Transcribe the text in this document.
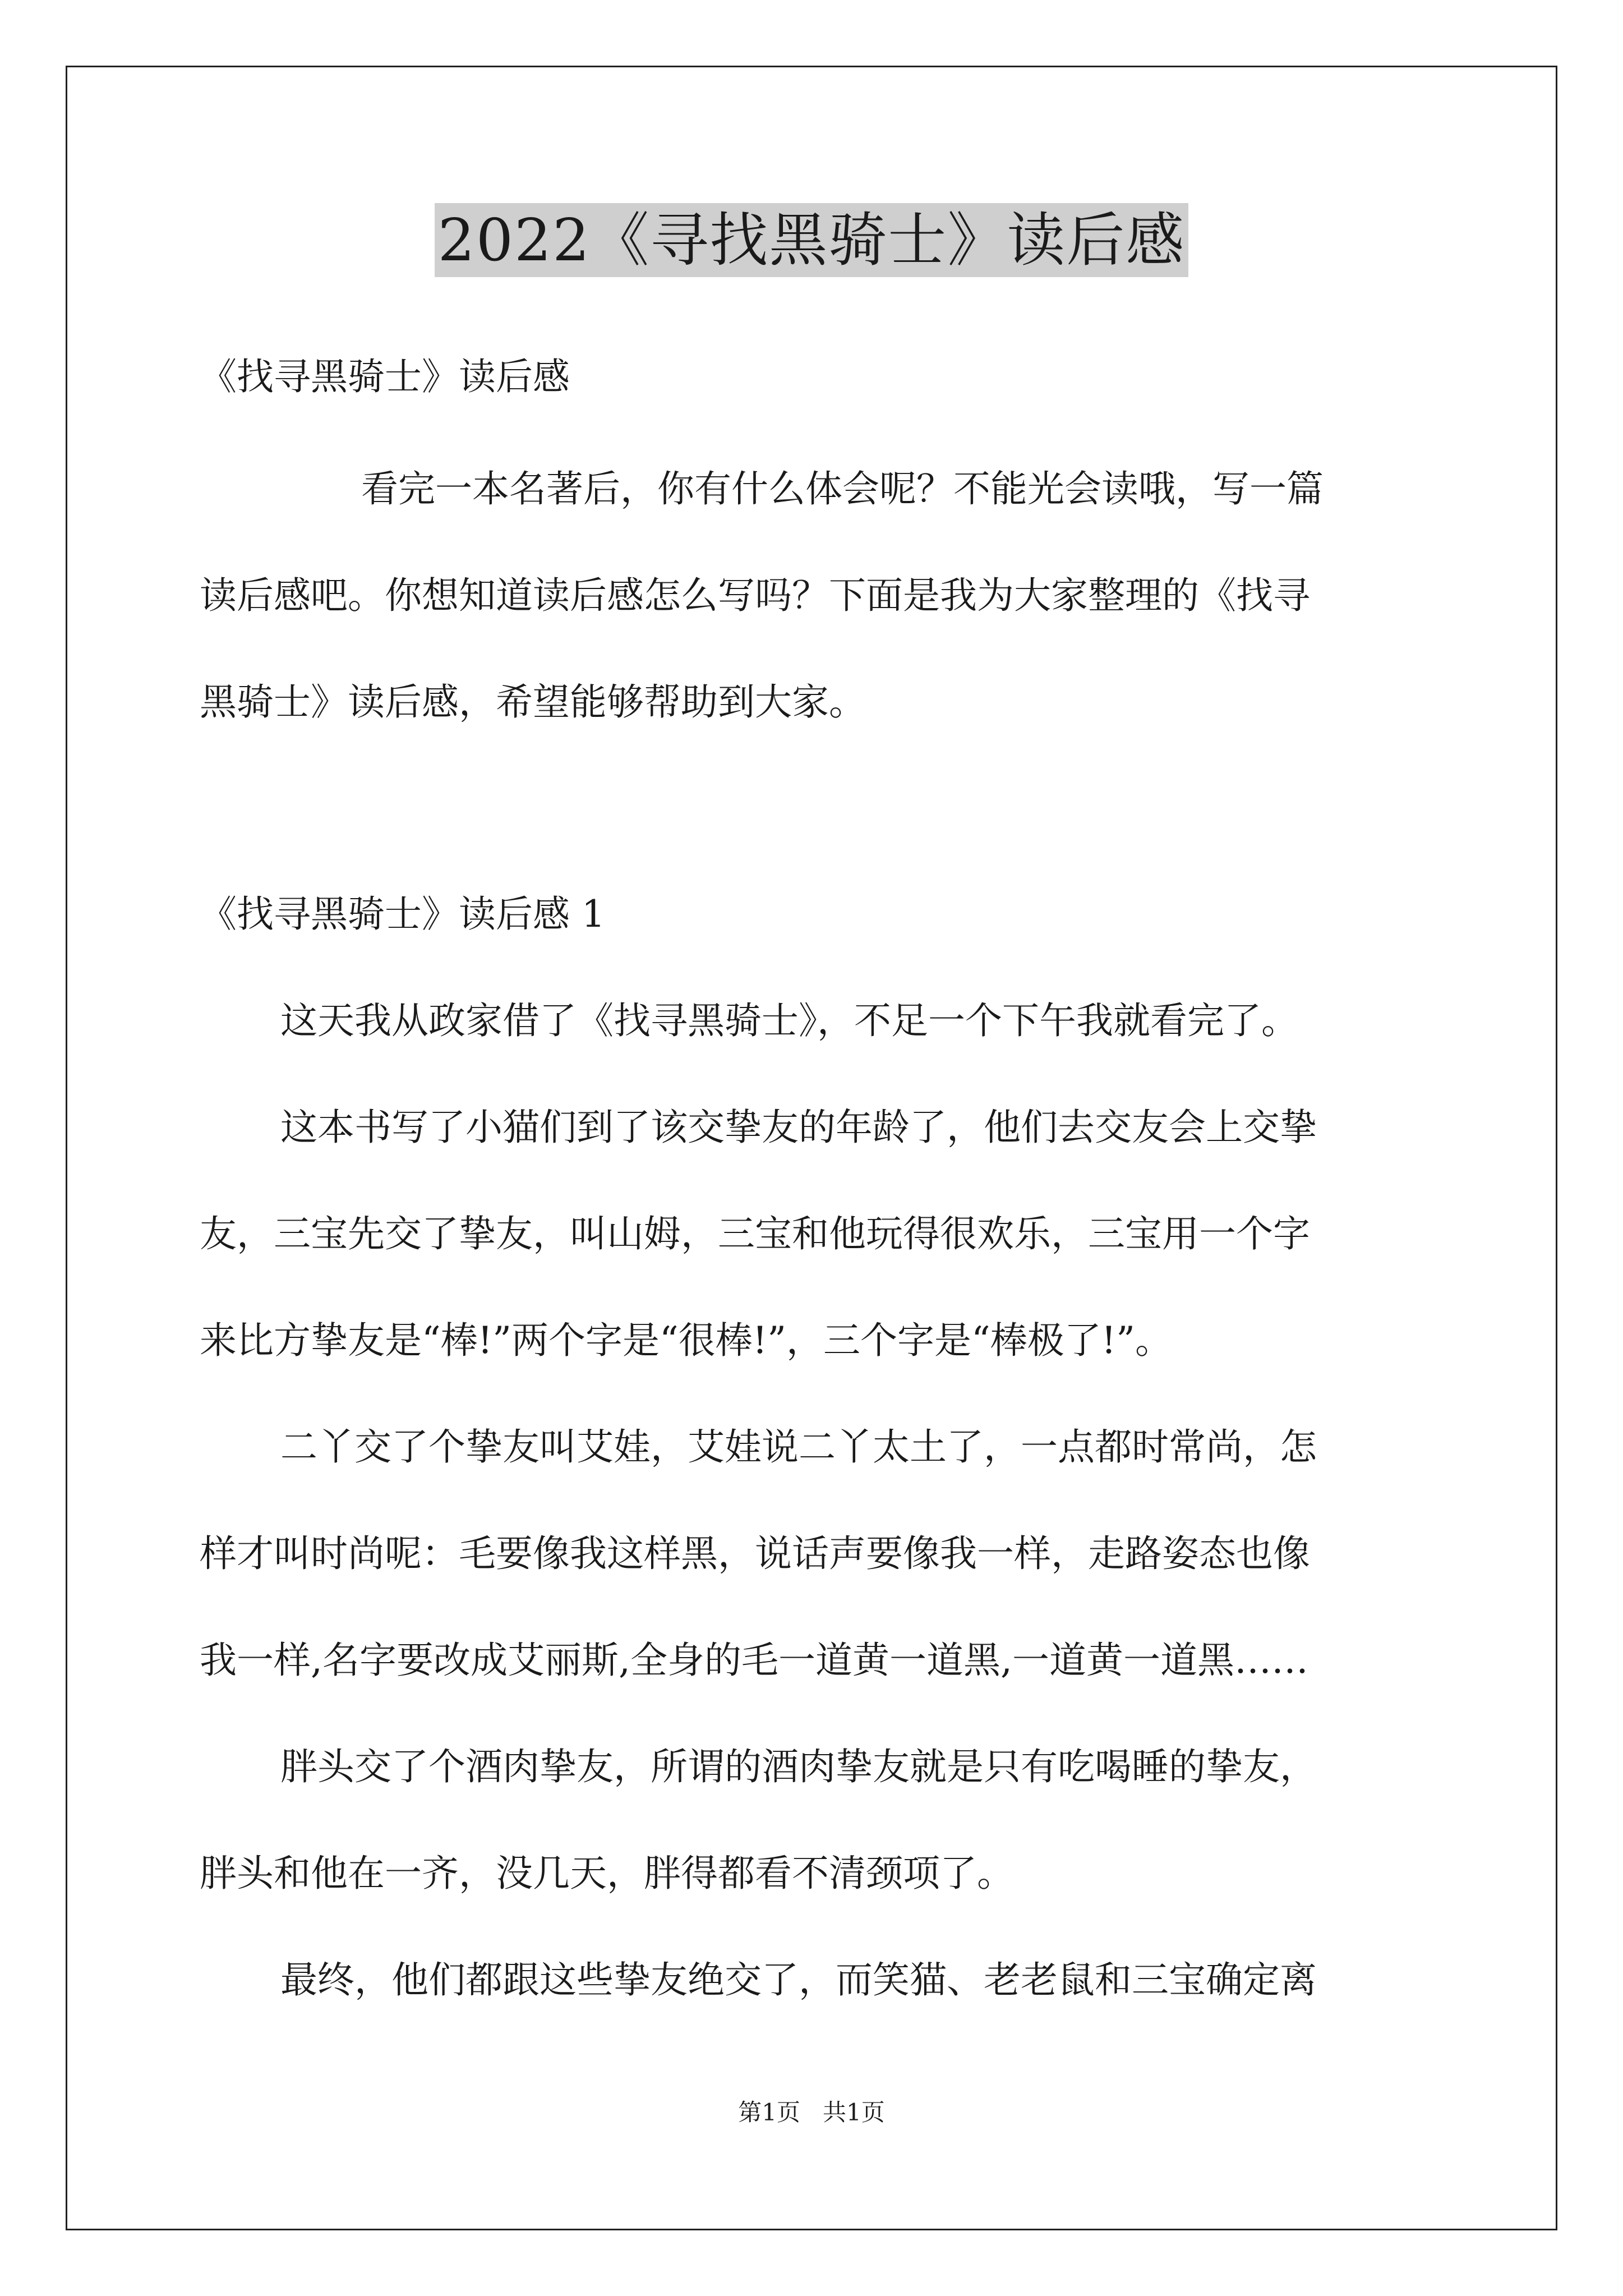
2022《寻找黑骑士》读后感
《找寻黑骑士》读后感
看完一本名著后，你有什么体会呢？不能光会读哦，写一篇
读后感吧。你想知道读后感怎么写吗？下面是我为大家整理的《找寻
黑骑士》读后感，希望能够帮助到大家。
《找寻黑骑士》读后感 1
这天我从政家借了《找寻黑骑士》，不足一个下午我就看完了。
这本书写了小猫们到了该交挚友的年龄了，他们去交友会上交挚
友，三宝先交了挚友，叫山姆，三宝和他玩得很欢乐，三宝用一个字
来比方挚友是“棒!”两个字是“很棒!”，三个字是“棒极了!”。
二丫交了个挚友叫艾娃，艾娃说二丫太土了，一点都时常尚，怎
样才叫时尚呢：毛要像我这样黑，说话声要像我一样，走路姿态也像
我一样,名字要改成艾丽斯,全身的毛一道黄一道黑,一道黄一道黑……
胖头交了个酒肉挚友，所谓的酒肉挚友就是只有吃喝睡的挚友，
胖头和他在一齐，没几天，胖得都看不清颈项了。
最终，他们都跟这些挚友绝交了，而笑猫、老老鼠和三宝确定离
第1页   共1页
